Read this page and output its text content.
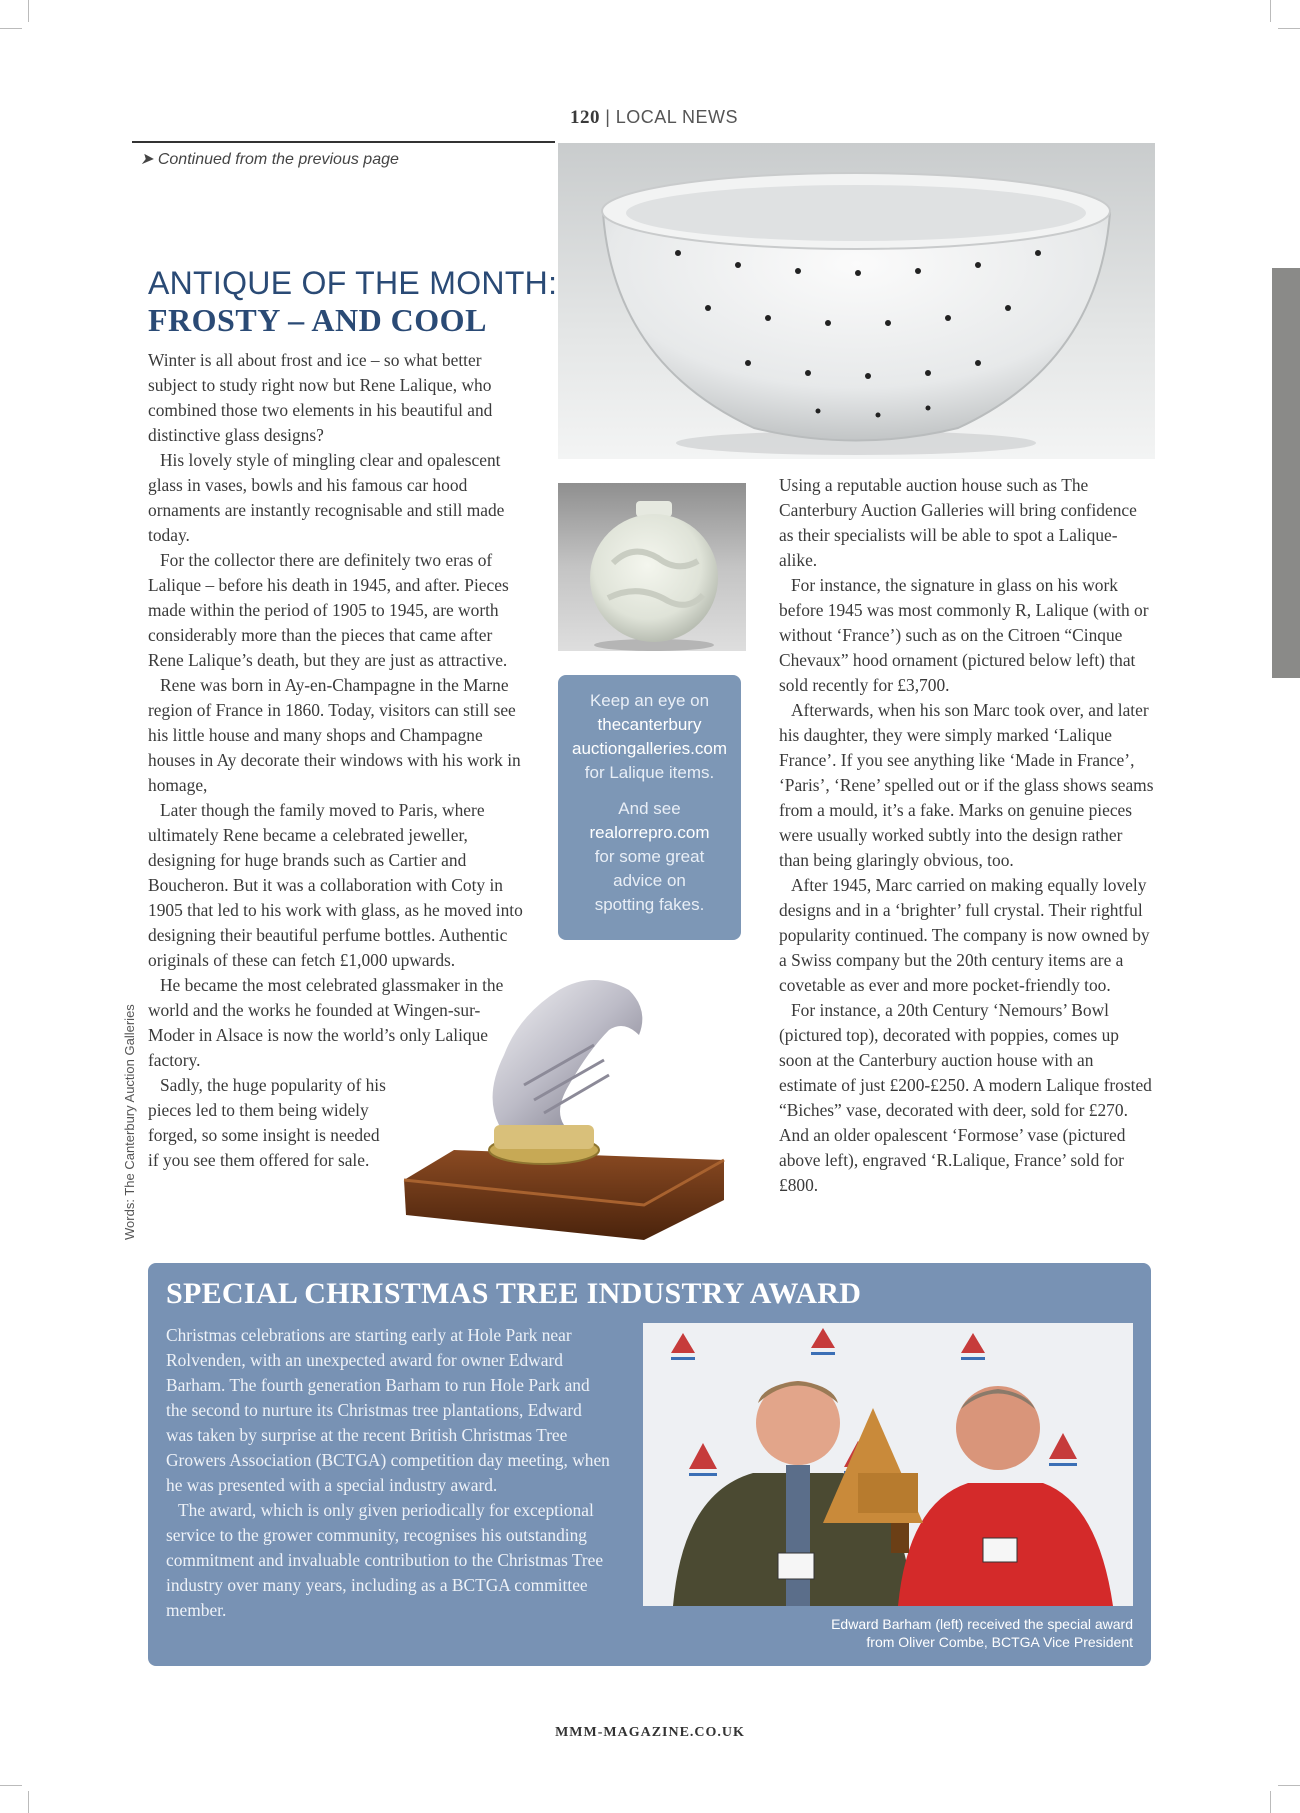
120 | LOCAL NEWS
➤ Continued from the previous page
Keep an eye on
thecanterbury
auctiongalleries.com
for Lalique items.
And see
realorrepro.com
for some great
advice on
spotting fakes.
ANTIQUE OF THE MONTH:
FROSTY – AND COOL

Winter is all about frost and ice – so what better subject to study right now but Rene Lalique, who combined those two elements in his beautiful and distinctive glass designs?

His lovely style of mingling clear and opalescent glass in vases, bowls and his famous car hood ornaments are instantly recognisable and still made today.

For the collector there are definitely two eras of Lalique – before his death in 1945, and after. Pieces made within the period of 1905 to 1945, are worth considerably more than the pieces that came after Rene Lalique’s death, but they are just as attractive.

Rene was born in Ay-en-Champagne in the Marne region of France in 1860. Today, visitors can still see his little house and many shops and Champagne houses in Ay decorate their windows with his work in homage,

Later though the family moved to Paris, where ultimately Rene became a celebrated jeweller, designing for huge brands such as Cartier and Boucheron. But it was a collaboration with Coty in 1905 that led to his work with glass, as he moved into designing their beautiful perfume bottles. Authentic originals of these can fetch £1,000 upwards.

He became the most celebrated glassmaker in the world and the works he founded at Wingen-sur-Moder in Alsace is now the world’s only Lalique factory.

Sadly, the huge popularity of his pieces led to them being widely forged, so some insight is needed if you see them offered for sale.

Using a reputable auction house such as The Canterbury Auction Galleries will bring confidence as their specialists will be able to spot a Lalique-alike.

For instance, the signature in glass on his work before 1945 was most commonly R, Lalique (with or without ‘France’) such as on the Citroen “Cinque Chevaux” hood ornament (pictured below left) that sold recently for £3,700.

Afterwards, when his son Marc took over, and later his daughter, they were simply marked ‘Lalique France’. If you see anything like ‘Made in France’, ‘Paris’, ‘Rene’ spelled out or if the glass shows seams from a mould, it’s a fake. Marks on genuine pieces were usually worked subtly into the design rather than being glaringly obvious, too.

After 1945, Marc carried on making equally lovely designs and in a ‘brighter’ full crystal. Their rightful popularity continued. The company is now owned by a Swiss company but the 20th century items are a covetable as ever and more pocket-friendly too.

For instance, a 20th Century ‘Nemours’ Bowl (pictured top), decorated with poppies, comes up soon at the Canterbury auction house with an estimate of just £200-£250. A modern Lalique frosted “Biches” vase, decorated with deer, sold for £270. And an older opalescent ‘Formose’ vase (pictured above left), engraved ‘R.Lalique, France’ sold for £800.

Words: The Canterbury Auction Galleries
SPECIAL CHRISTMAS TREE INDUSTRY AWARD

Christmas celebrations are starting early at Hole Park near Rolvenden, with an unexpected award for owner Edward Barham. The fourth generation Barham to run Hole Park and the second to nurture its Christmas tree plantations, Edward was taken by surprise at the recent British Christmas Tree Growers Association (BCTGA) competition day meeting, when he was presented with a special industry award.

The award, which is only given periodically for exceptional service to the grower community, recognises his outstanding commitment and invaluable contribution to the Christmas Tree industry over many years, including as a BCTGA committee member.

Edward Barham (left) received the special award
from Oliver Combe, BCTGA Vice President
© Simon Dewhurst Photography Limited
MMM-MAGAZINE.CO.UK
